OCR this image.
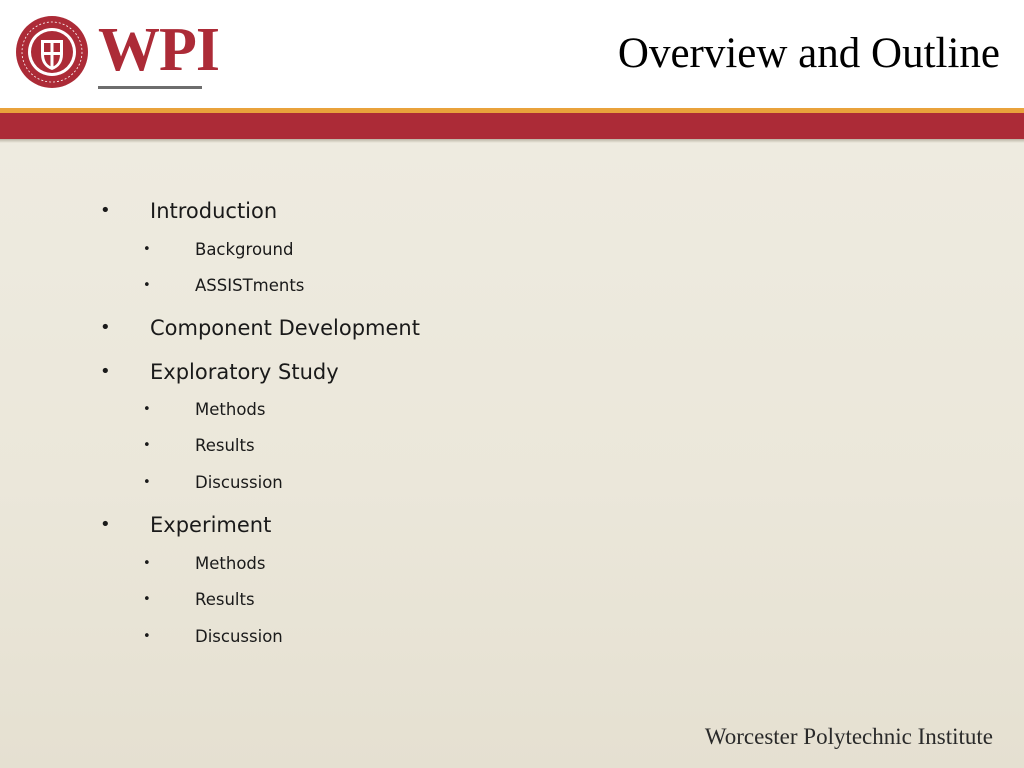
WPI	Overview and Outline
• Introduction
•	Background
•	ASSISTments
• Component Development
• Exploratory Study
•	Methods
•	Results
•	Discussion
• Experiment
•	Methods
•	Results
•	Discussion
Worcester Polytechnic Institute
